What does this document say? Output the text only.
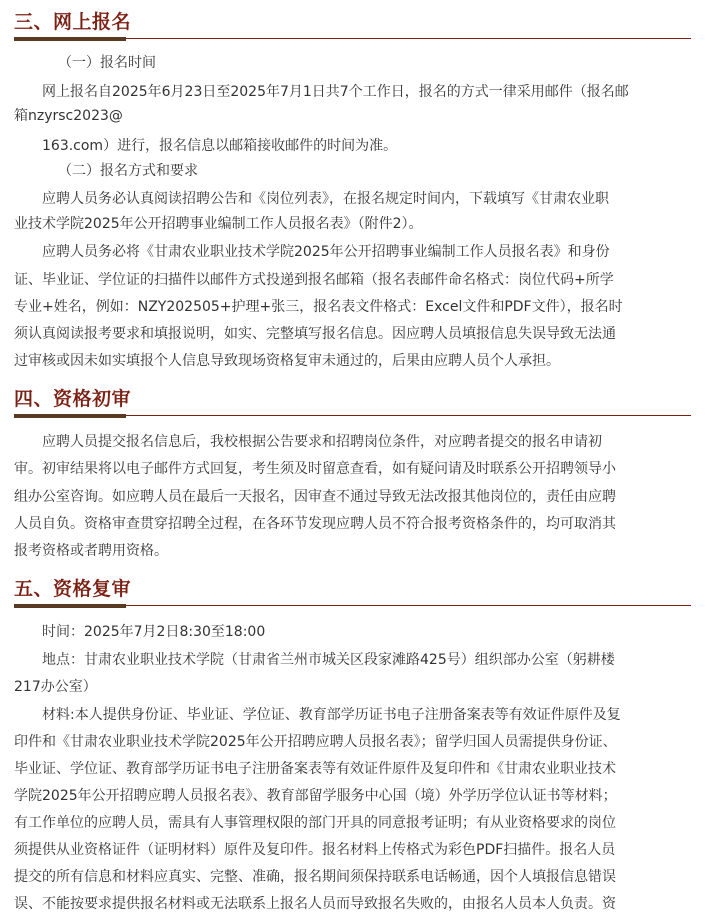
三、网上报名
（一）报名时间
网上报名自2025年6月23日至2025年7月1日共7个工作日，报名的方式一律采用邮件（报名邮
箱nzyrsc2023@
163.com）进行，报名信息以邮箱接收邮件的时间为准。
（二）报名方式和要求
应聘人员务必认真阅读招聘公告和《岗位列表》，在报名规定时间内，下载填写《甘肃农业职
业技术学院2025年公开招聘事业编制工作人员报名表》（附件2）。
应聘人员务必将《甘肃农业职业技术学院2025年公开招聘事业编制工作人员报名表》和身份
证、毕业证、学位证的扫描件以邮件方式投递到报名邮箱（报名表邮件命名格式：岗位代码+所学
专业+姓名，例如：NZY202505+护理+张三，报名表文件格式：Excel文件和PDF文件），报名时
须认真阅读报考要求和填报说明，如实、完整填写报名信息。因应聘人员填报信息失误导致无法通
过审核或因未如实填报个人信息导致现场资格复审未通过的，后果由应聘人员个人承担。
四、资格初审
应聘人员提交报名信息后，我校根据公告要求和招聘岗位条件，对应聘者提交的报名申请初
审。初审结果将以电子邮件方式回复，考生须及时留意查看，如有疑问请及时联系公开招聘领导小
组办公室咨询。如应聘人员在最后一天报名，因审查不通过导致无法改报其他岗位的，责任由应聘
人员自负。资格审查贯穿招聘全过程，在各环节发现应聘人员不符合报考资格条件的，均可取消其
报考资格或者聘用资格。
五、资格复审
时间：2025年7月2日8:30至18:00
地点：甘肃农业职业技术学院（甘肃省兰州市城关区段家滩路425号）组织部办公室（躬耕楼
217办公室）
材料:本人提供身份证、毕业证、学位证、教育部学历证书电子注册备案表等有效证件原件及复
印件和《甘肃农业职业技术学院2025年公开招聘应聘人员报名表》；留学归国人员需提供身份证、
毕业证、学位证、教育部学历证书电子注册备案表等有效证件原件及复印件和《甘肃农业职业技术
学院2025年公开招聘应聘人员报名表》、教育部留学服务中心国（境）外学历学位认证书等材料；
有工作单位的应聘人员，需具有人事管理权限的部门开具的同意报考证明；有从业资格要求的岗位
须提供从业资格证件（证明材料）原件及复印件。报名材料上传格式为彩色PDF扫描件。报名人员
提交的所有信息和材料应真实、完整、准确，报名期间须保持联系电话畅通，因个人填报信息错误
误、不能按要求提供报名材料或无法联系上报名人员而导致报名失败的，由报名人员本人负责。资
